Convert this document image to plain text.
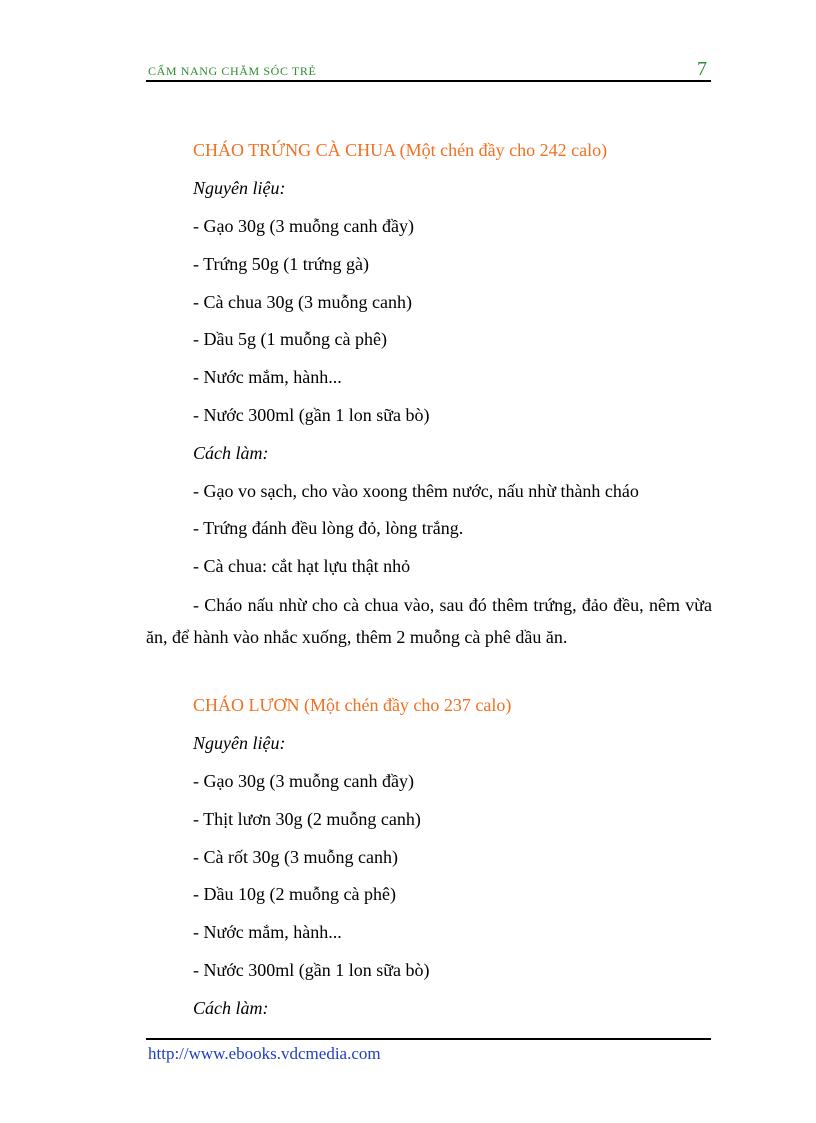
CẨM NANG CHĂM SÓC TRẺ	7
CHÁO TRỨNG CÀ CHUA (Một chén đầy cho 242 calo)
Nguyên liệu:
- Gạo 30g (3 muỗng canh đầy)
- Trứng 50g (1 trứng gà)
- Cà chua 30g (3 muỗng canh)
- Dầu 5g (1 muỗng cà phê)
- Nước mắm, hành...
- Nước 300ml (gần 1 lon sữa bò)
Cách làm:
- Gạo vo sạch, cho vào xoong thêm nước, nấu nhừ thành cháo
- Trứng đánh đều lòng đỏ, lòng trắng.
- Cà chua: cắt hạt lựu thật nhỏ
- Cháo nấu nhừ cho cà chua vào, sau đó thêm trứng, đảo đều, nêm vừa ăn, để hành vào nhắc xuống, thêm 2 muỗng cà phê dầu ăn.
CHÁO LƯƠN (Một chén đầy cho 237 calo)
Nguyên liệu:
- Gạo 30g (3 muỗng canh đầy)
- Thịt lươn 30g (2 muỗng canh)
- Cà rốt 30g (3 muỗng canh)
- Dầu 10g (2 muỗng cà phê)
- Nước mắm, hành...
- Nước 300ml (gần 1 lon sữa bò)
Cách làm:
http://www.ebooks.vdcmedia.com
